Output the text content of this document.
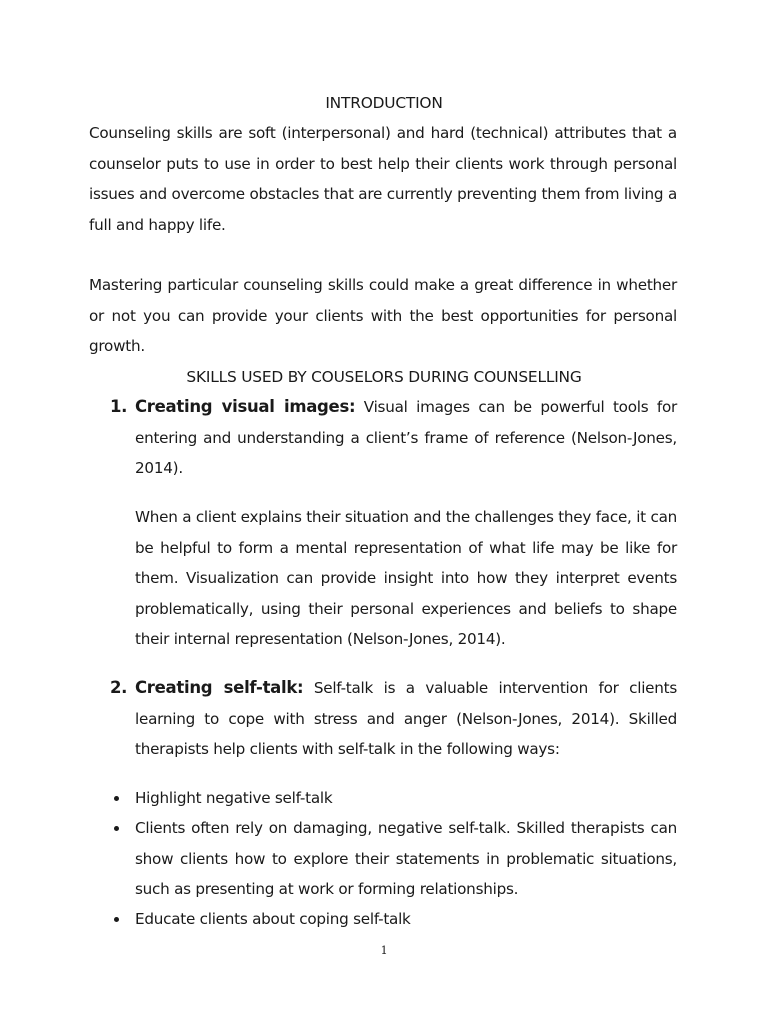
INTRODUCTION

Counseling skills are soft (interpersonal) and hard (technical) attributes that a counselor puts to use in order to best help their clients work through personal issues and overcome obstacles that are currently preventing them from living a full and happy life.

Mastering particular counseling skills could make a great difference in whether or not you can provide your clients with the best opportunities for personal growth.

SKILLS USED BY COUSELORS DURING COUNSELLING
1. Creating visual images: Visual images can be powerful tools for entering and understanding a client’s frame of reference (Nelson-Jones, 2014).

When a client explains their situation and the challenges they face, it can be helpful to form a mental representation of what life may be like for them. Visualization can provide insight into how they interpret events problematically, using their personal experiences and beliefs to shape their internal representation (Nelson-Jones, 2014).

2. Creating self-talk: Self-talk is a valuable intervention for clients learning to cope with stress and anger (Nelson-Jones, 2014). Skilled therapists help clients with self-talk in the following ways:

Highlight negative self-talk

Clients often rely on damaging, negative self-talk. Skilled therapists can show clients how to explore their statements in problematic situations, such as presenting at work or forming relationships.

Educate clients about coping self-talk

1
